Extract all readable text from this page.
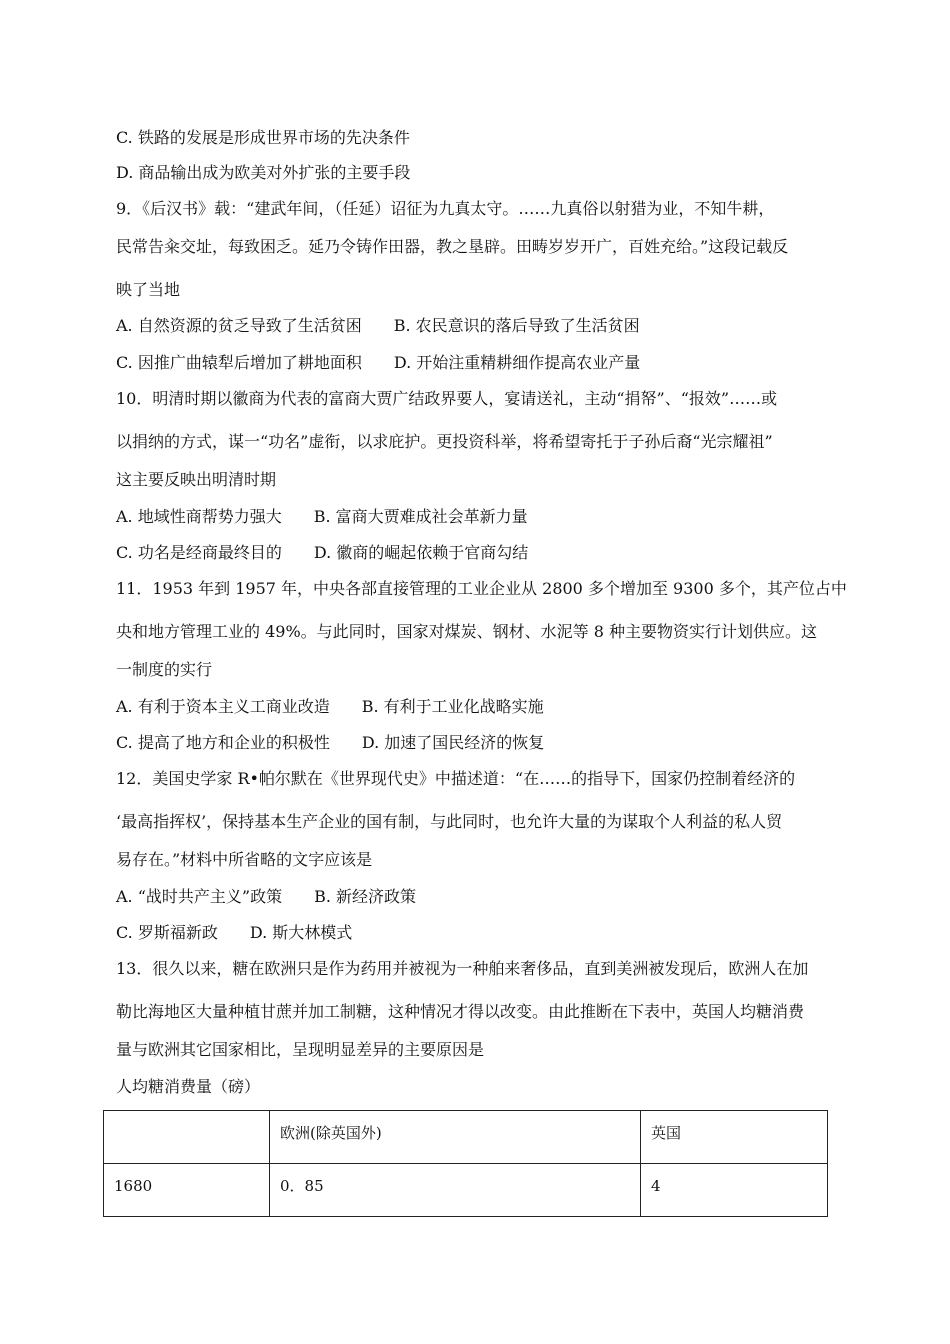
C. 铁路的发展是形成世界市场的先决条件
D. 商品输出成为欧美对外扩张的主要手段
9．《后汉书》载：“建武年间，（任延）诏征为九真太守。……九真俗以射猎为业，不知牛耕，
民常告籴交址，每致困乏。延乃令铸作田器，教之垦辟。田畴岁岁开广，百姓充给。”这段记载反
映了当地
A. 自然资源的贫乏导致了生活贫困 B. 农民意识的落后导致了生活贫困
C. 因推广曲辕犁后增加了耕地面积 D. 开始注重精耕细作提高农业产量
10．明清时期以徽商为代表的富商大贾广结政界要人，宴请送礼，主动“捐帑”、“报效”……或
以捐纳的方式，谋一“功名”虚衔，以求庇护。更投资科举，将希望寄托于子孙后裔“光宗耀祖”
这主要反映出明清时期
A. 地域性商帮势力强大 B. 富商大贾难成社会革新力量
C. 功名是经商最终目的 D. 徽商的崛起依赖于官商勾结
11．1953 年到 1957 年，中央各部直接管理的工业企业从 2800 多个增加至 9300 多个，其产位占中
央和地方管理工业的 49%。与此同时，国家对煤炭、钢材、水泥等 8 种主要物资实行计划供应。这
一制度的实行
A. 有利于资本主义工商业改造 B. 有利于工业化战略实施
C. 提高了地方和企业的积极性 D. 加速了国民经济的恢复
12．美国史学家 R•帕尔默在《世界现代史》中描述道：“在……的指导下，国家仍控制着经济的
‘最高指挥权’，保持基本生产企业的国有制，与此同时，也允许大量的为谋取个人利益的私人贸
易存在。”材料中所省略的文字应该是
A. “战时共产主义”政策 B. 新经济政策
C. 罗斯福新政 D. 斯大林模式
13．很久以来，糖在欧洲只是作为药用并被视为一种舶来奢侈品，直到美洲被发现后，欧洲人在加
勒比海地区大量种植甘蔗并加工制糖，这种情况才得以改变。由此推断在下表中，英国人均糖消费
量与欧洲其它国家相比，呈现明显差异的主要原因是
人均糖消费量（磅）

	欧洲(除英国外)	英国

1680	0．85	4
